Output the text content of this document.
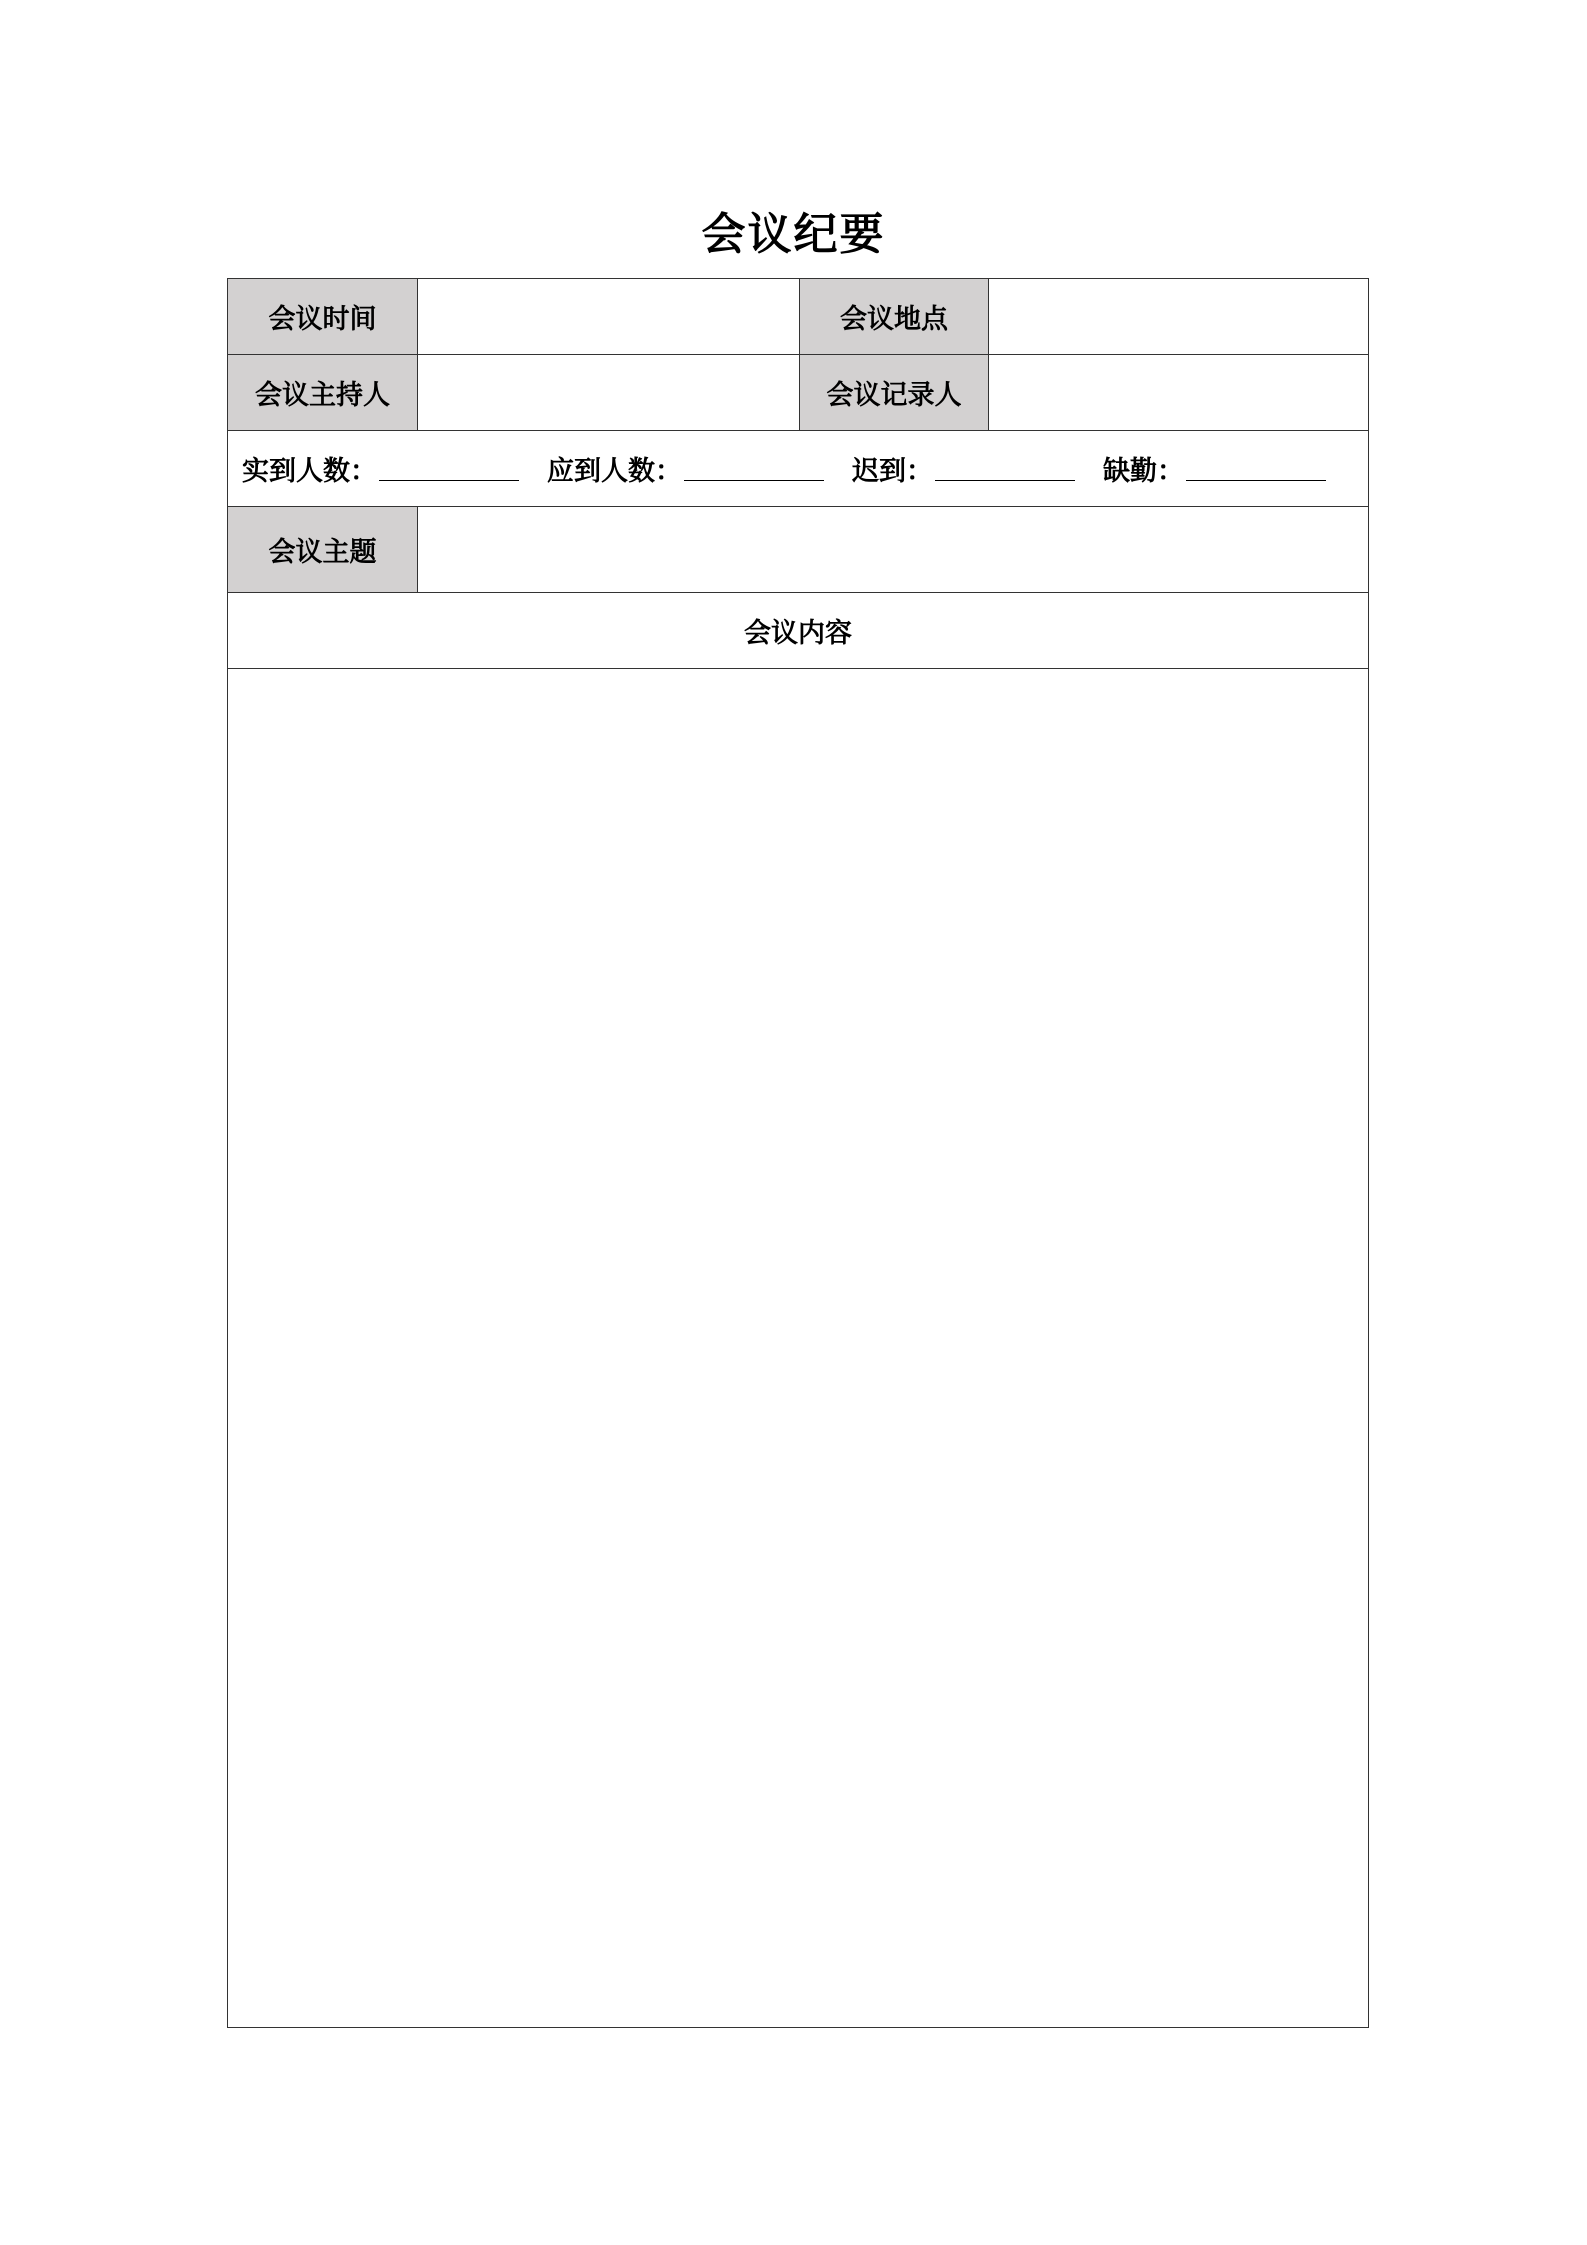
会议纪要
会议时间	会议地点
会议主持人	会议记录人
实到人数：	应到人数：	迟到：	缺勤：
会议主题
会议内容
